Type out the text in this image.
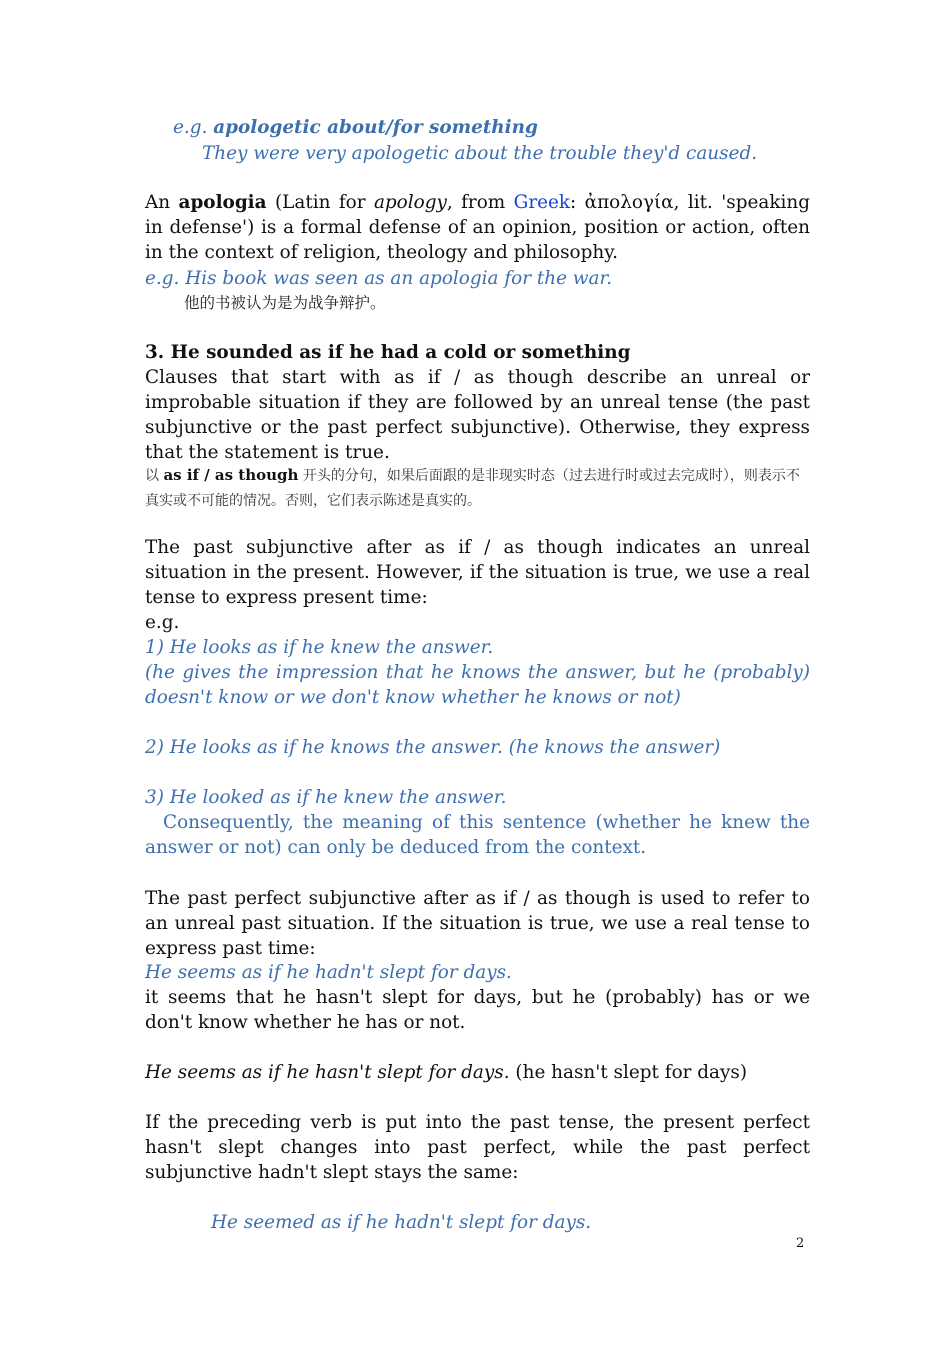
e.g. apologetic about/for something
They were very apologetic about the trouble they'd caused.
An apologia (Latin for apology, from Greek: ἀπολογία, lit. 'speaking in defense') is a formal defense of an opinion, position or action, often in the context of religion, theology and philosophy.
e.g. His book was seen as an apologia for the war.
他的书被认为是为战争辩护。
3. He sounded as if he had a cold or something
Clauses that start with as if / as though describe an unreal or improbable situation if they are followed by an unreal tense (the past subjunctive or the past perfect subjunctive). Otherwise, they express that the statement is true.
以 as if / as though 开头的分句，如果后面跟的是非现实时态（过去进行时或过去完成时），则表示不真实或不可能的情况。否则，它们表示陈述是真实的。
The past subjunctive after as if / as though indicates an unreal situation in the present. However, if the situation is true, we use a real tense to express present time:
e.g.
1) He looks as if he knew the answer.
(he gives the impression that he knows the answer, but he (probably) doesn't know or we don't know whether he knows or not)
2) He looks as if he knows the answer. (he knows the answer)
3) He looked as if he knew the answer.
Consequently, the meaning of this sentence (whether he knew the answer or not) can only be deduced from the context.
The past perfect subjunctive after as if / as though is used to refer to an unreal past situation. If the situation is true, we use a real tense to express past time:
He seems as if he hadn't slept for days.
it seems that he hasn't slept for days, but he (probably) has or we don't know whether he has or not.
He seems as if he hasn't slept for days. (he hasn't slept for days)
If the preceding verb is put into the past tense, the present perfect hasn't slept changes into past perfect, while the past perfect subjunctive hadn't slept stays the same:
He seemed as if he hadn't slept for days.
2
